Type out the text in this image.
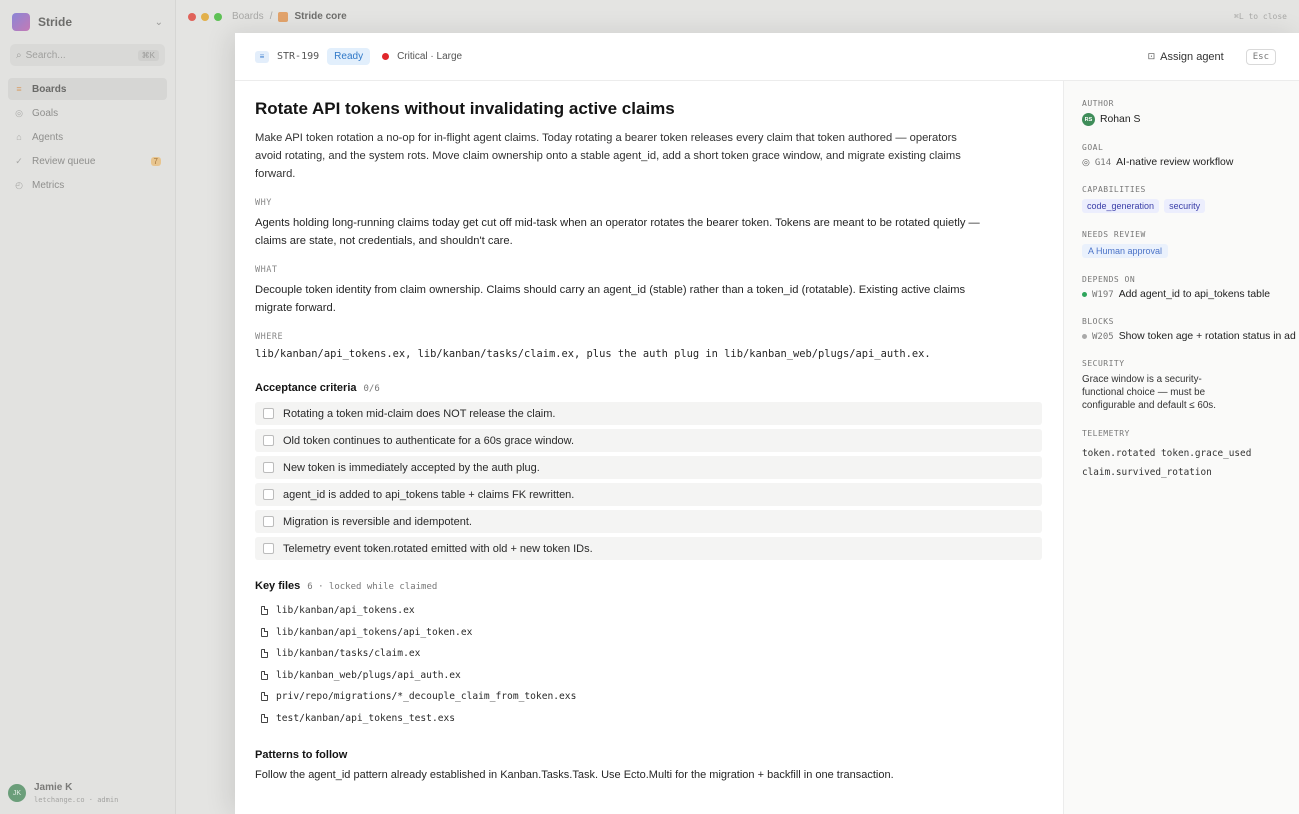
Stride	⌄
⌕ Search...	⌘K
≡ Boards
◎ Goals
⌂ Agents
✓ Review queue	7
◴ Metrics
JK	Jamie K
letchange.co · admin
Boards / Stride core	⌘L to close
≡	STR-199	Ready	Critical · Large	⊡ Assign agent	Esc
Rotate API tokens without invalidating active claims
Make API token rotation a no-op for in-flight agent claims. Today rotating a bearer token releases every claim that token authored — operators avoid rotating, and the system rots. Move claim ownership onto a stable agent_id, add a short token grace window, and migrate existing claims forward.
WHY
Agents holding long-running claims today get cut off mid-task when an operator rotates the bearer token. Tokens are meant to be rotated quietly — claims are state, not credentials, and shouldn't care.
WHAT
Decouple token identity from claim ownership. Claims should carry an agent_id (stable) rather than a token_id (rotatable). Existing active claims migrate forward.
WHERE
lib/kanban/api_tokens.ex, lib/kanban/tasks/claim.ex, plus the auth plug in lib/kanban_web/plugs/api_auth.ex.
Acceptance criteria 0/6
Rotating a token mid-claim does NOT release the claim.
Old token continues to authenticate for a 60s grace window.
New token is immediately accepted by the auth plug.
agent_id is added to api_tokens table + claims FK rewritten.
Migration is reversible and idempotent.
Telemetry event token.rotated emitted with old + new token IDs.
Key files 6 · locked while claimed
lib/kanban/api_tokens.ex
lib/kanban/api_tokens/api_token.ex
lib/kanban/tasks/claim.ex
lib/kanban_web/plugs/api_auth.ex
priv/repo/migrations/*_decouple_claim_from_token.exs
test/kanban/api_tokens_test.exs
Patterns to follow
Follow the agent_id pattern already established in Kanban.Tasks.Task. Use Ecto.Multi for the migration + backfill in one transaction.
AUTHOR
RS Rohan S
GOAL
◎ G14 AI-native review workflow
CAPABILITIES
code_generation	security
NEEDS REVIEW
A Human approval
DEPENDS ON
W197 Add agent_id to api_tokens table
BLOCKS
W205 Show token age + rotation status in ad
SECURITY
Grace window is a security-functional choice — must be configurable and default ≤ 60s.
TELEMETRY
token.rotated token.grace_used claim.survived_rotation
